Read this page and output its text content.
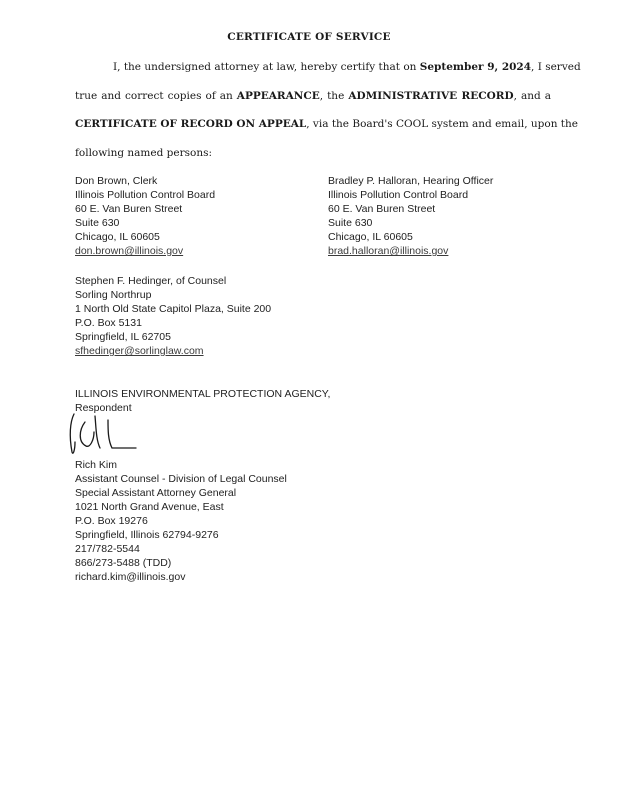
CERTIFICATE OF SERVICE
I, the undersigned attorney at law, hereby certify that on September 9, 2024, I served
true and correct copies of an APPEARANCE, the ADMINISTRATIVE RECORD, and a
CERTIFICATE OF RECORD ON APPEAL, via the Board's COOL system and email, upon the
following named persons:
Don Brown, Clerk
Illinois Pollution Control Board
60 E. Van Buren Street
Suite 630
Chicago, IL 60605
don.brown@illinois.gov
Bradley P. Halloran, Hearing Officer
Illinois Pollution Control Board
60 E. Van Buren Street
Suite 630
Chicago, IL 60605
brad.halloran@illinois.gov
Stephen F. Hedinger, of Counsel
Sorling Northrup
1 North Old State Capitol Plaza, Suite 200
P.O. Box 5131
Springfield, IL 62705
sfhedinger@sorlinglaw.com
ILLINOIS ENVIRONMENTAL PROTECTION AGENCY,
Respondent
Rich Kim
Assistant Counsel - Division of Legal Counsel
Special Assistant Attorney General
1021 North Grand Avenue, East
P.O. Box 19276
Springfield, Illinois 62794-9276
217/782-5544
866/273-5488 (TDD)
richard.kim@illinois.gov
